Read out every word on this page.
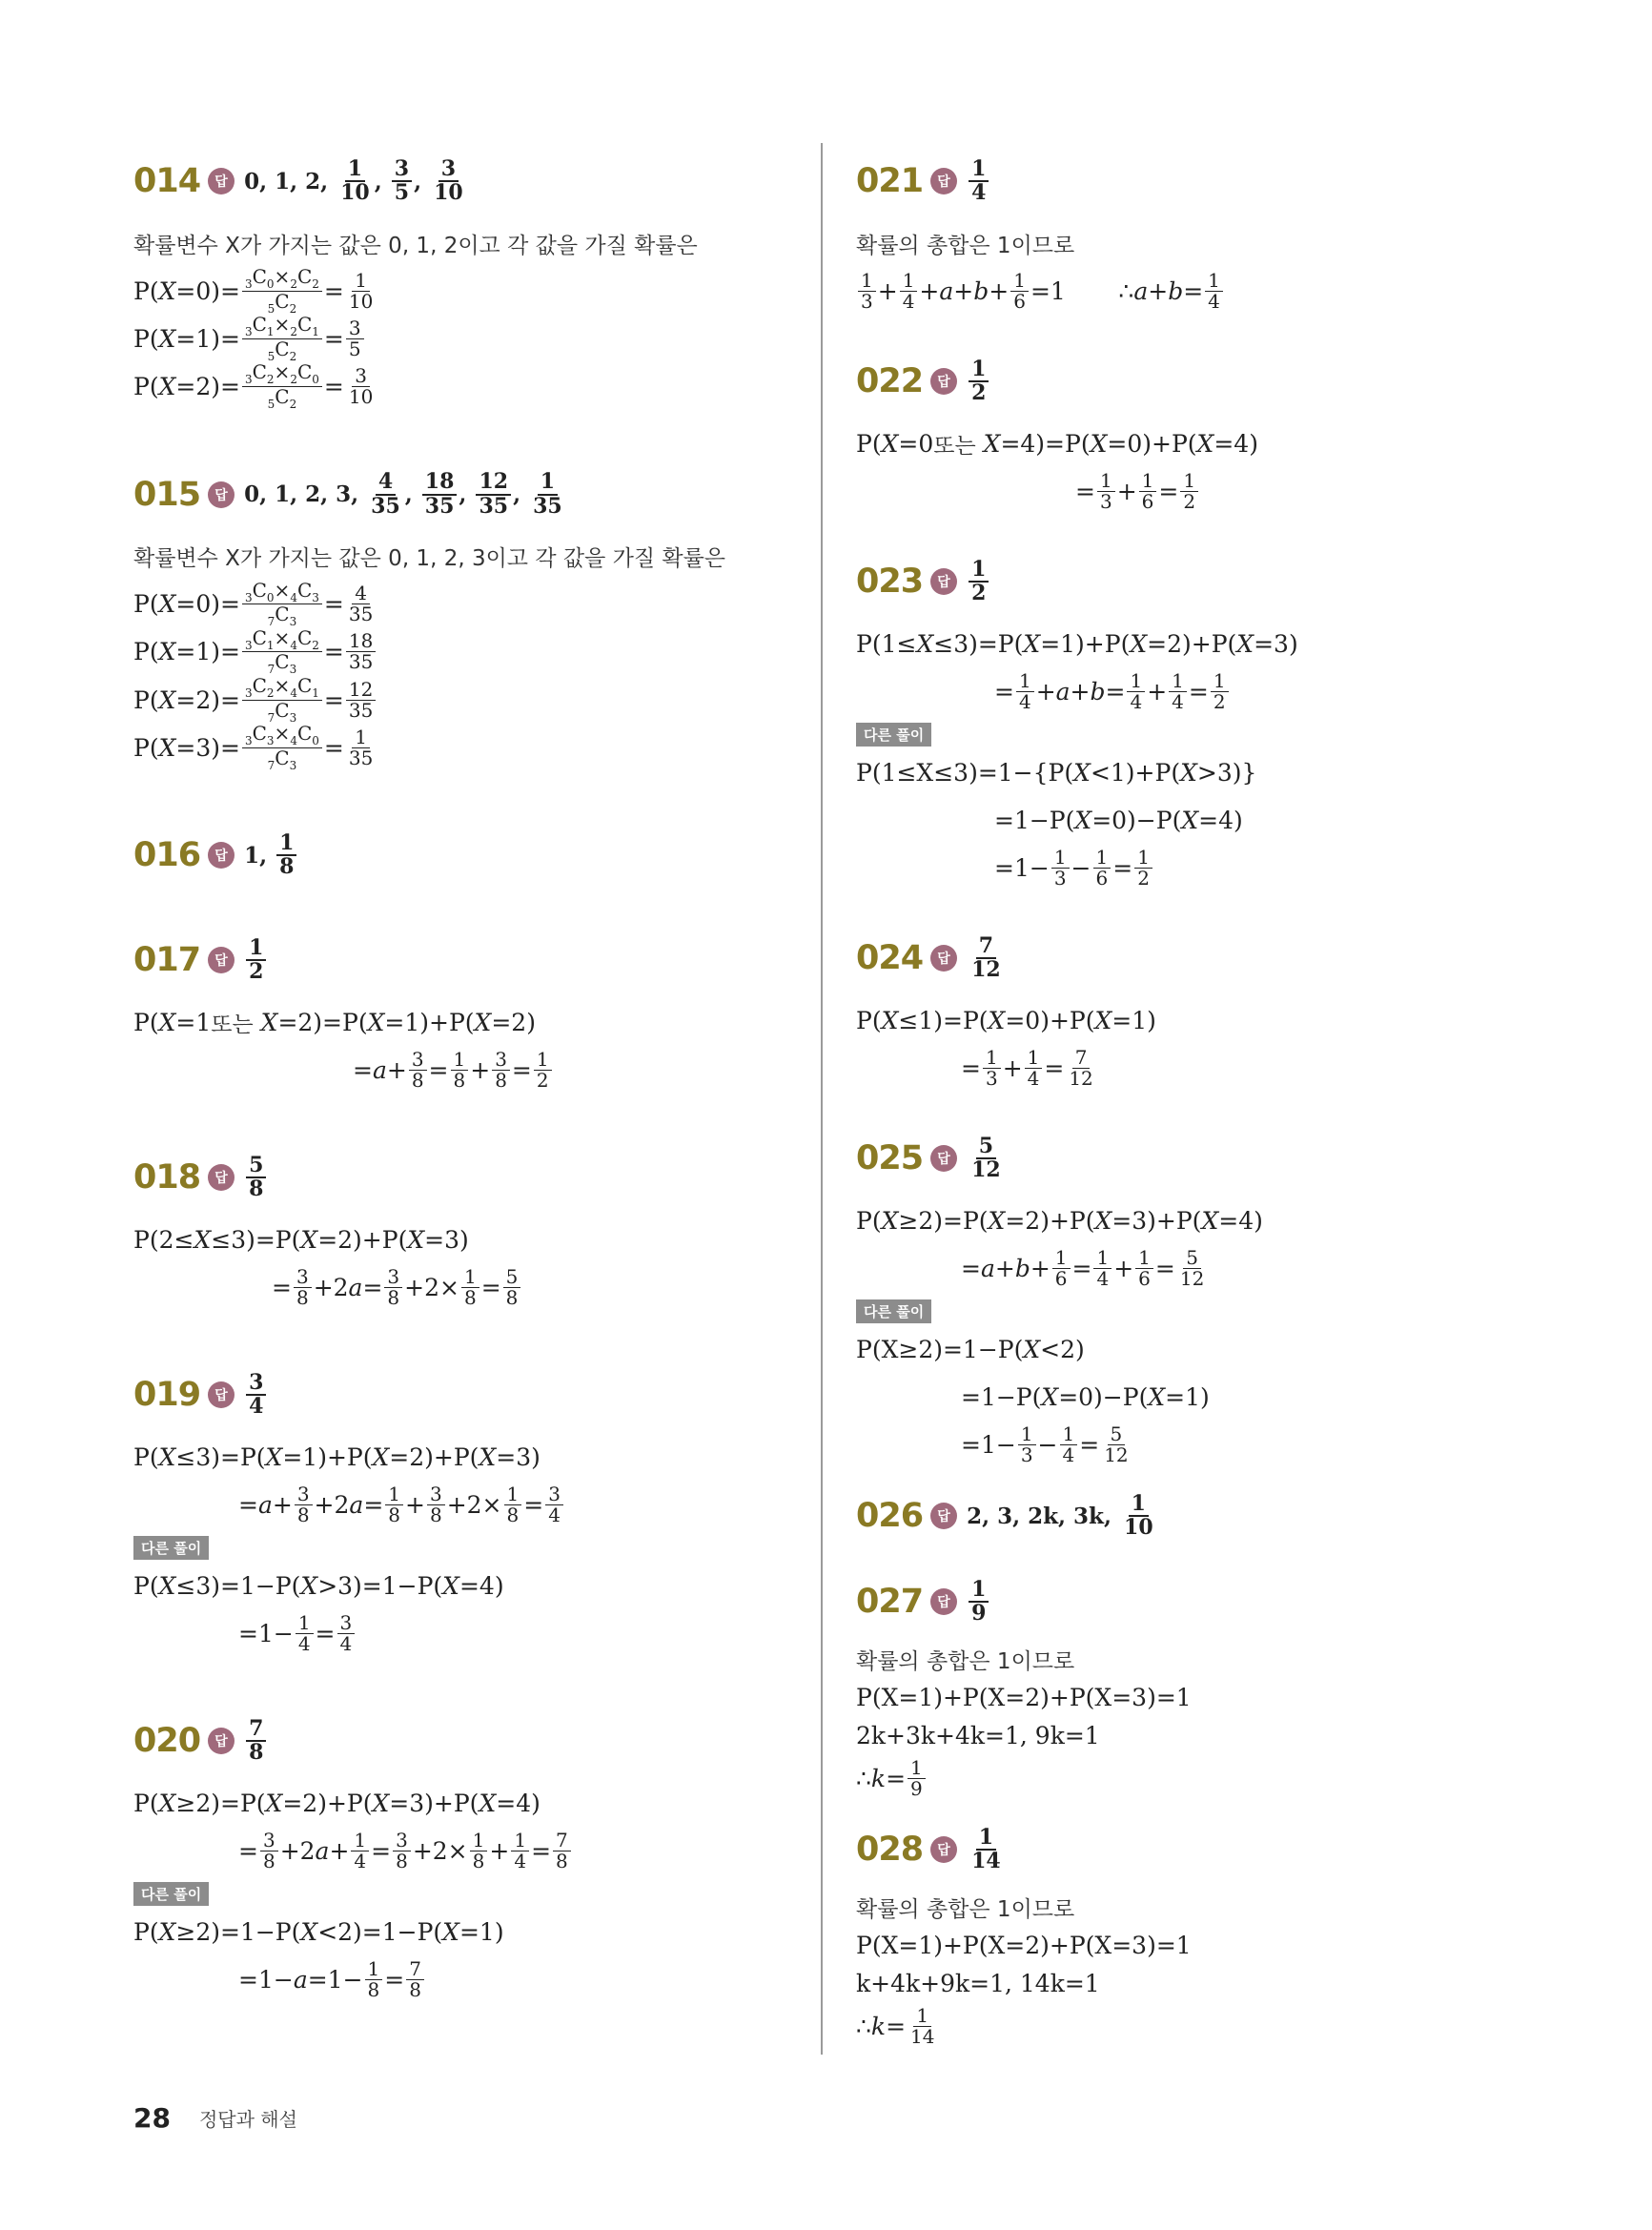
014	답 0, 1, 2,
$\frac{1}{10}$ , $\frac{3}{5}$ , $\frac{3}{10}$
확률변수 X가 가지는 값은 0, 1, 2이고 각 값을 가질 확률은
P( $X =0)= \frac{_3C_0\times_2C_2}{_5C_2} = \frac{1}{10}$
P( $X =1)= \frac{_3C_1\times_2C_1}{_5C_2} = \frac{3}{5}$
P( $X =2)= \frac{_3C_2\times_2C_0}{_5C_2} = \frac{3}{10}$
015	답 0, 1, 2, 3,
$\frac{4}{35}$ , $\frac{18}{35}$ , $\frac{12}{35}$ , $\frac{1}{35}$
확률변수 X가 가지는 값은 0, 1, 2, 3이고 각 값을 가질 확률은
P( $X =0)= \frac{_3C_0\times_4C_3}{_7C_3} = \frac{4}{35}$
P( $X =1)= \frac{_3C_1\times_4C_2}{_7C_3} = \frac{18}{35}$
P( $X =2)= \frac{_3C_2\times_4C_1}{_7C_3} = \frac{12}{35}$
P( $X =3)= \frac{_3C_3\times_4C_0}{_7C_3} = \frac{1}{35}$
016	답 1,
$\frac{1}{8}$
017	답 $\frac{1}{2}$
P( X =1 또는
X =2)=P( X =1)+P( X =2)
= $a + \frac{3}{8} = \frac{1}{8} + \frac{3}{8} = \frac{1}{2}$
018	답 $\frac{5}{8}$
P(2≤ X ≤3)=P( X =2)+P( X =3)
= $\frac{3}{8} +2$ $a = \frac{3}{8} +2\times \frac{1}{8} = \frac{5}{8}$
019	답 $\frac{3}{4}$
P( X ≤3)=P( X =1)+P( X =2)+P( X =3)
= $a + \frac{3}{8} +2$ $a = \frac{1}{8} + \frac{3}{8} +2\times \frac{1}{8} = \frac{3}{4}$
다른 풀이
P( X ≤3)=1−P( X >3)=1−P( X =4)
$=1- \frac{1}{4} = \frac{3}{4}$
020	답 $\frac{7}{8}$
P( X ≥2)=P( X =2)+P( X =3)+P( X =4)
= $\frac{3}{8} +2$ $a + \frac{1}{4} = \frac{3}{8} +2\times \frac{1}{8} + \frac{1}{4} = \frac{7}{8}$
다른 풀이
P( X ≥2)=1−P( X <2)=1−P( X =1)
$=1- a =1- \frac{1}{8} = \frac{7}{8}$
021	답 $\frac{1}{4}$
확률의 총합은 1이므로
$\frac{1}{3} + \frac{1}{4} + a + b + \frac{1}{6} =1$       ∴ $a + b = \frac{1}{4}$
022	답 $\frac{1}{2}$
P( X =0 또는
X =4)=P( X =0)+P( X =4)
= $\frac{1}{3} + \frac{1}{6} = \frac{1}{2}$
023	답 $\frac{1}{2}$
P(1≤ X ≤3)=P( X =1)+P( X =2)+P( X =3)
= $\frac{1}{4} + a + b = \frac{1}{4} + \frac{1}{4} = \frac{1}{2}$
다른 풀이
P(1≤X≤3)=1−{P( X <1)+P( X >3)}
=1−P( X =0)−P( X =4)
$=1- \frac{1}{3} - \frac{1}{6} = \frac{1}{2}$
024	답 $\frac{7}{12}$
P( X ≤1)=P( X =0)+P( X =1)
= $\frac{1}{3} + \frac{1}{4} = \frac{7}{12}$
025	답 $\frac{5}{12}$
P( X ≥2)=P( X =2)+P( X =3)+P( X =4)
= $a + b + \frac{1}{6} = \frac{1}{4} + \frac{1}{6} = \frac{5}{12}$
다른 풀이
P(X≥2)=1−P( X <2)
=1−P( X =0)−P( X =1)
$=1- \frac{1}{3} - \frac{1}{4} = \frac{5}{12}$
026	답 2, 3, 2k, 3k,
$\frac{1}{10}$
027	답 $\frac{1}{9}$
확률의 총합은 1이므로
P(X=1)+P(X=2)+P(X=3)=1
2k+3k+4k=1, 9k=1
∴ $k = \frac{1}{9}$
028	답 $\frac{1}{14}$
확률의 총합은 1이므로
P(X=1)+P(X=2)+P(X=3)=1
k+4k+9k=1, 14k=1
∴ $k = \frac{1}{14}$
28 정답과 해설
